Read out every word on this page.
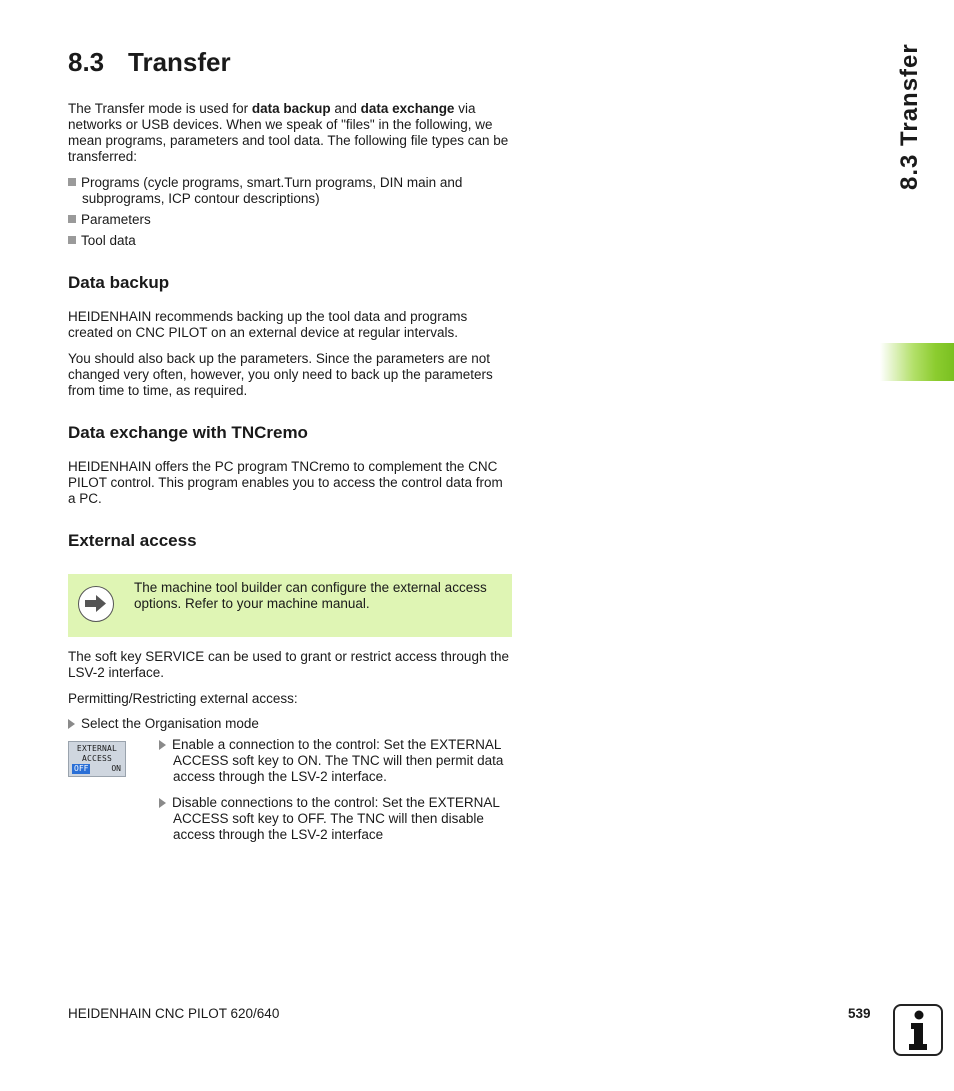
8.3 Transfer

The Transfer mode is used for data backup and data exchange via networks or USB devices. When we speak of "files" in the following, we mean programs, parameters and tool data. The following file types can be transferred:

Programs (cycle programs, smart.Turn programs, DIN main and subprograms, ICP contour descriptions)
Parameters
Tool data
Data backup

HEIDENHAIN recommends backing up the tool data and programs created on CNC PILOT on an external device at regular intervals.

You should also back up the parameters. Since the parameters are not changed very often, however, you only need to back up the parameters from time to time, as required.

Data exchange with TNCremo

HEIDENHAIN offers the PC program TNCremo to complement the CNC PILOT control. This program enables you to access the control data from a PC.

External access

The machine tool builder can configure the external access options. Refer to your machine manual.

The soft key SERVICE can be used to grant or restrict access through the LSV-2 interface.

Permitting/Restricting external access:

Select the Organisation mode
EXTERNAL
ACCESS
OFF	ON
Enable a connection to the control: Set the EXTERNAL ACCESS soft key to ON. The TNC will then permit data access through the LSV-2 interface.
Disable connections to the control: Set the EXTERNAL ACCESS soft key to OFF. The TNC will then disable access through the LSV-2 interface
8.3 Transfer
HEIDENHAIN CNC PILOT 620/640	539
